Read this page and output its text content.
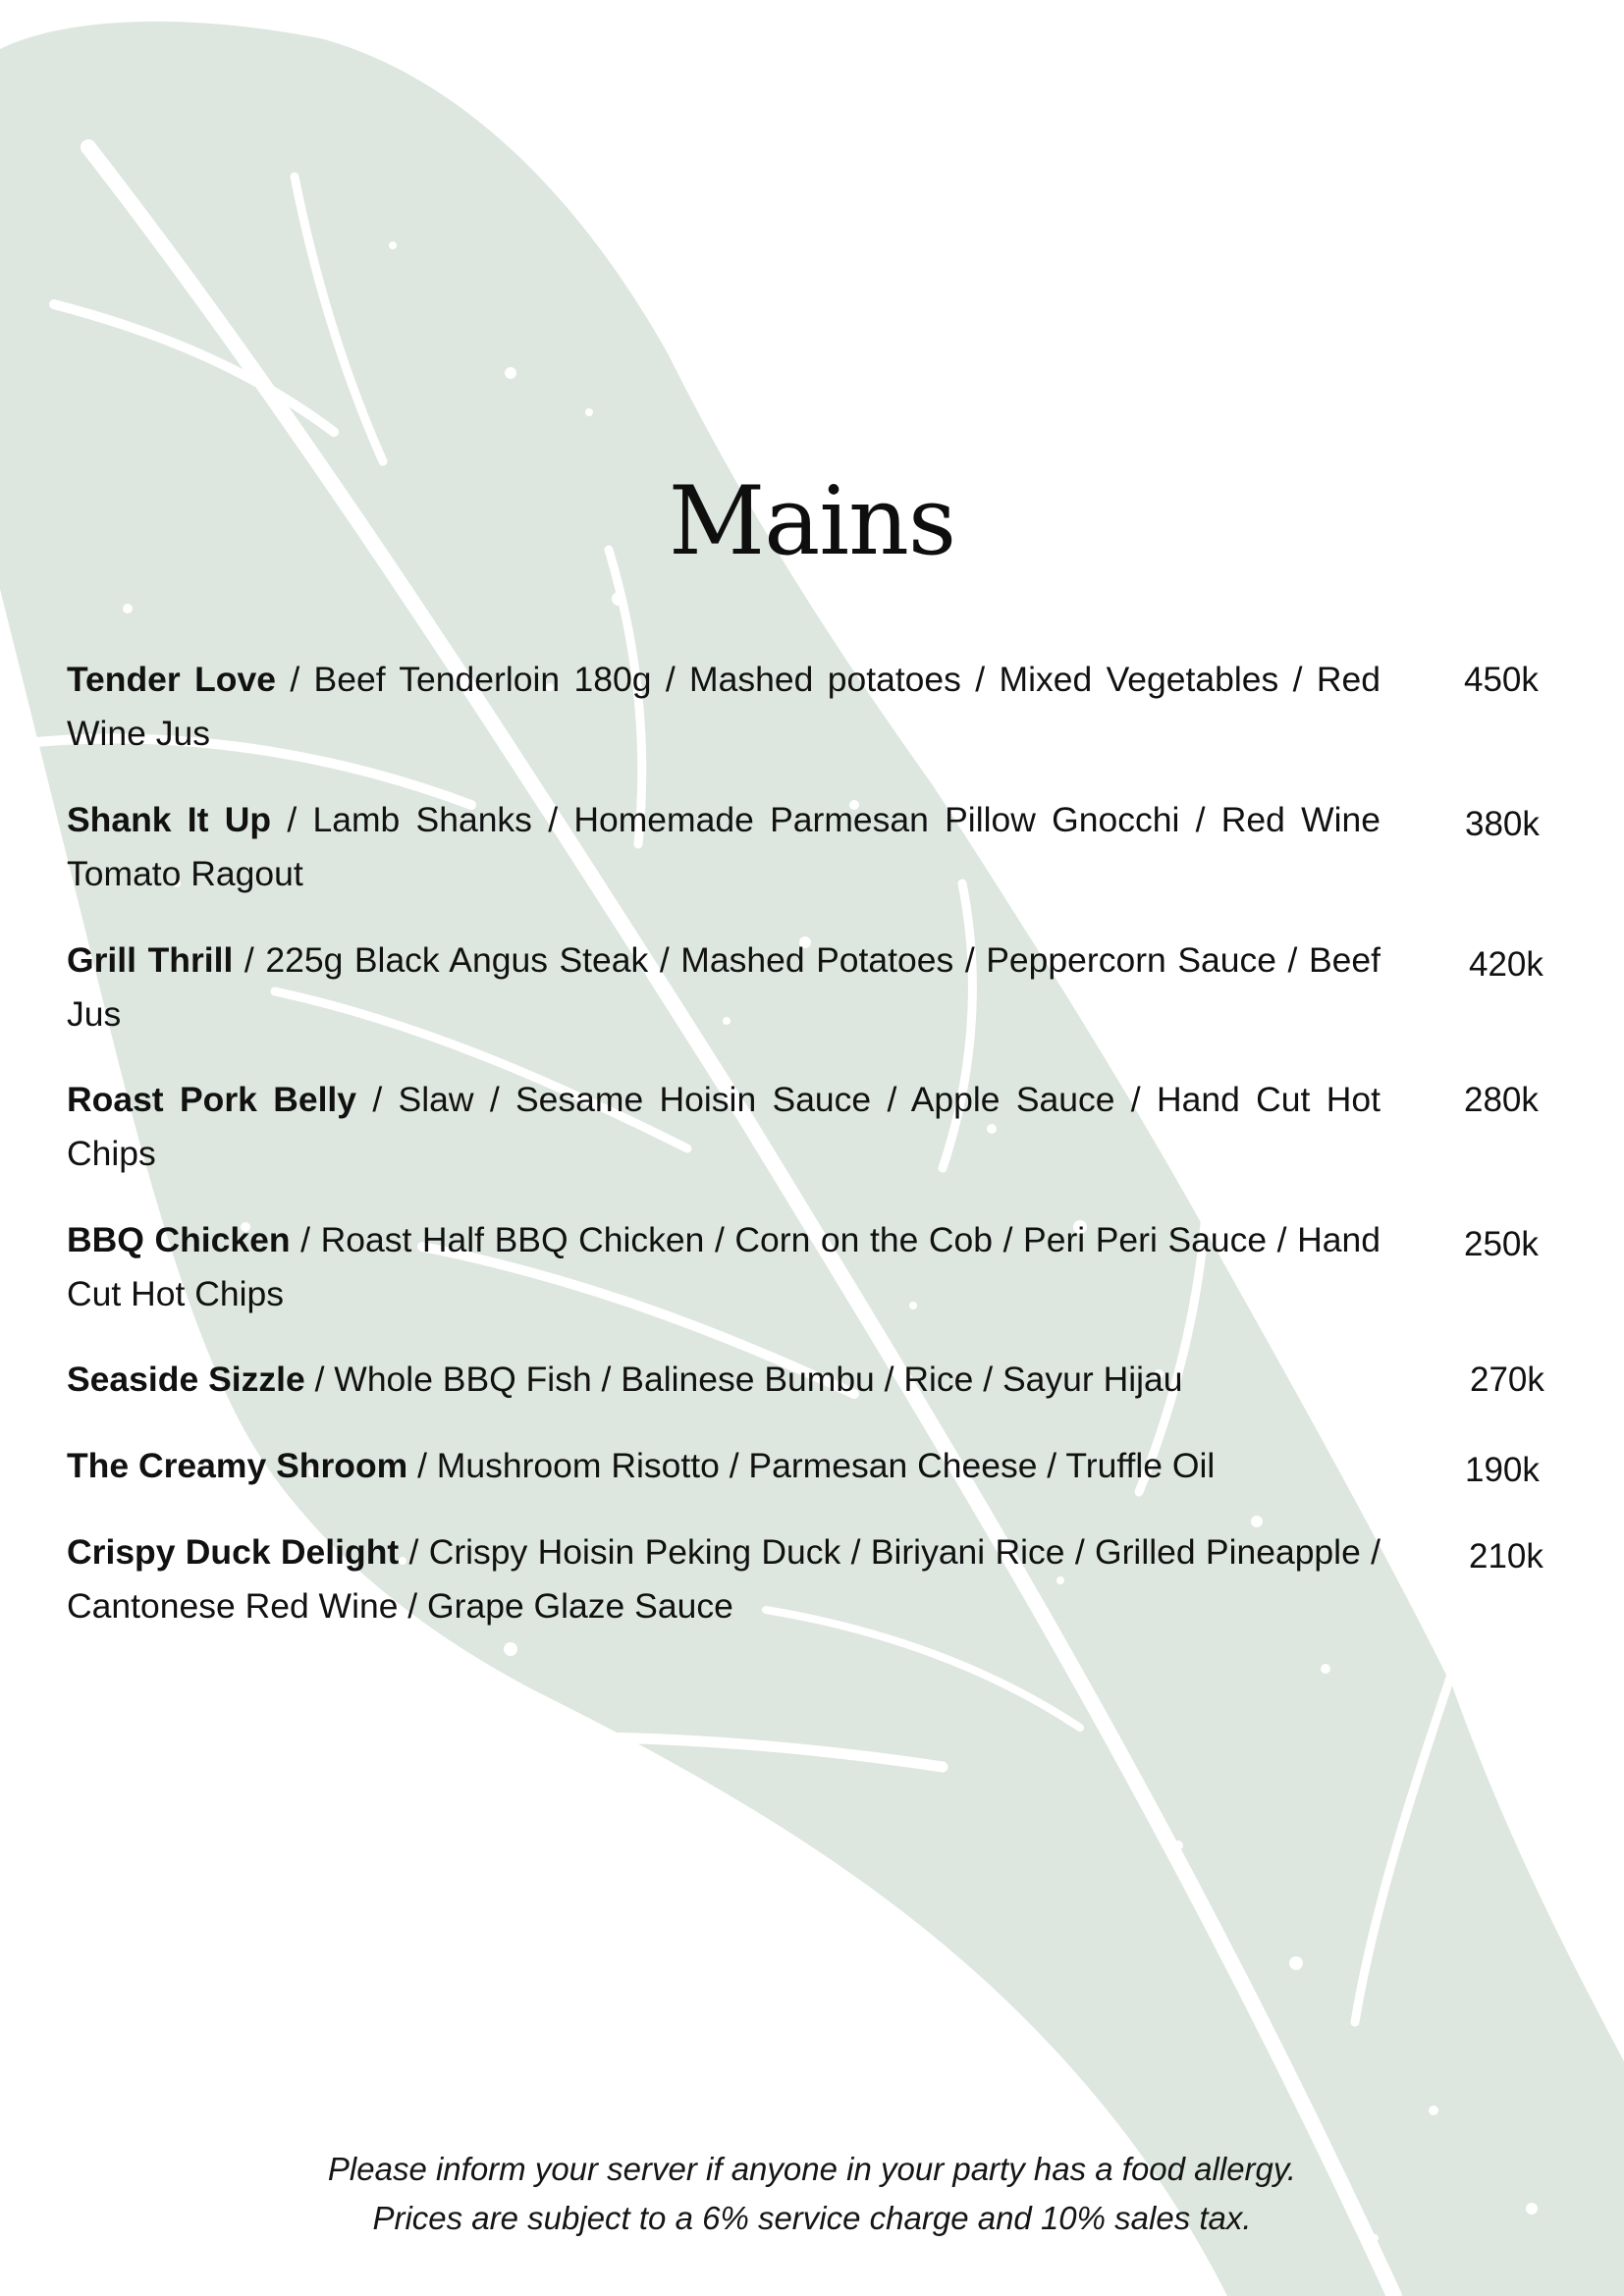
Mains
Tender Love / Beef Tenderloin 180g / Mashed potatoes / Mixed Vegetables / Red Wine Jus
450k
Shank It Up / Lamb Shanks / Homemade Parmesan Pillow Gnocchi / Red Wine Tomato Ragout
380k
Grill Thrill / 225g Black Angus Steak / Mashed Potatoes / Peppercorn Sauce / Beef Jus
420k
Roast Pork Belly / Slaw / Sesame Hoisin Sauce / Apple Sauce / Hand Cut Hot Chips
280k
BBQ Chicken / Roast Half BBQ Chicken / Corn on the Cob / Peri Peri Sauce / Hand Cut Hot Chips
250k
Seaside Sizzle / Whole BBQ Fish / Balinese Bumbu / Rice / Sayur Hijau	270k
The Creamy Shroom / Mushroom Risotto / Parmesan Cheese / Truffle Oil	190k
Crispy Duck Delight / Crispy Hoisin Peking Duck / Biriyani Rice / Grilled Pineapple / Cantonese Red Wine / Grape Glaze Sauce
210k
Please inform your server if anyone in your party has a food allergy.
Prices are subject to a 6% service charge and 10% sales tax.
